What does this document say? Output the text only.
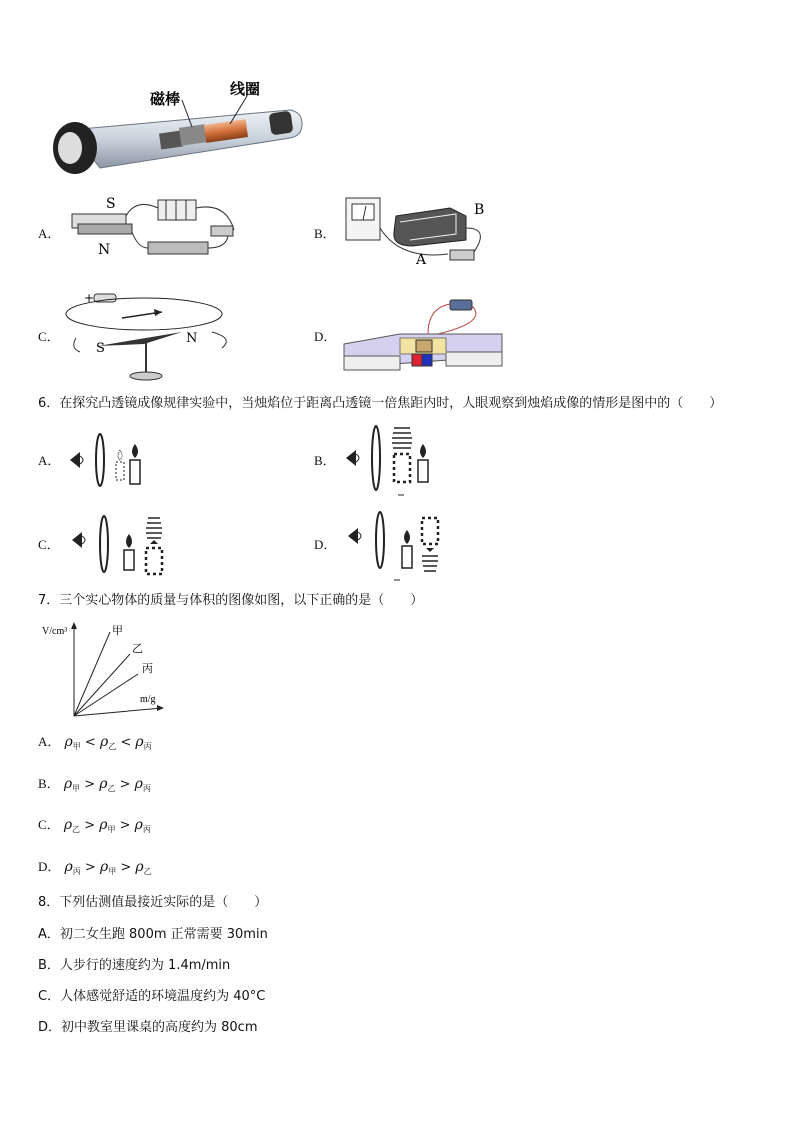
磁棒
线圈
A．
S
N
B．
B
A
C．
+
S
N	D．
6．在探究凸透镜成像规律实验中，当烛焰位于距离凸透镜一倍焦距内时，人眼观察到烛焰成像的情形是图中的（　　）
A．	B．
C．	D．
7．三个实心物体的质量与体积的图像如图，以下正确的是（　　）
V/cm³
m/g
甲
乙
丙
A． $\rho_甲 < \rho_乙 < \rho_丙$
B． $\rho_甲 > \rho_乙 > \rho_丙$
C． $\rho_乙 > \rho_甲 > \rho_丙$
D． $\rho_丙 > \rho_甲 > \rho_乙$
8．下列估测值最接近实际的是（　　）
A．初二女生跑 800m 正常需要 30min
B．人步行的速度约为 1.4m/min
C．人体感觉舒适的环境温度约为 40°C
D．初中教室里课桌的高度约为 80cm
